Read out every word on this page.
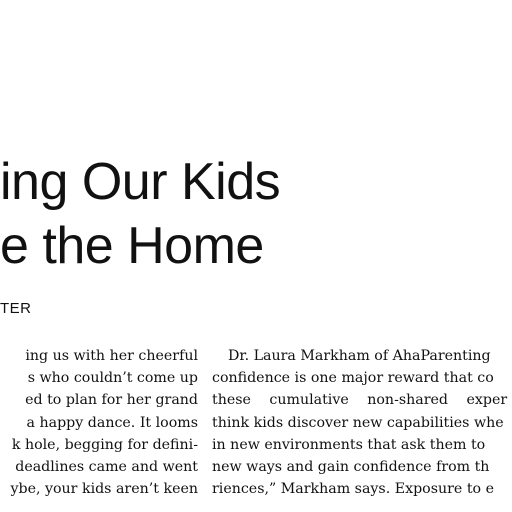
ing Our Kids
e the Home
TER
ing us with her cheerful
s who couldn’t come up
ed to plan for her grand
a happy dance. It looms
k hole, begging for defini-
deadlines came and went
ybe, your kids aren’t keen
Dr. Laura Markham of AhaParenting
confidence is one major reward that co
these cumulative non-shared exper
think kids discover new capabilities whe
in new environments that ask them to
new ways and gain confidence from th
riences,” Markham says. Exposure to e
